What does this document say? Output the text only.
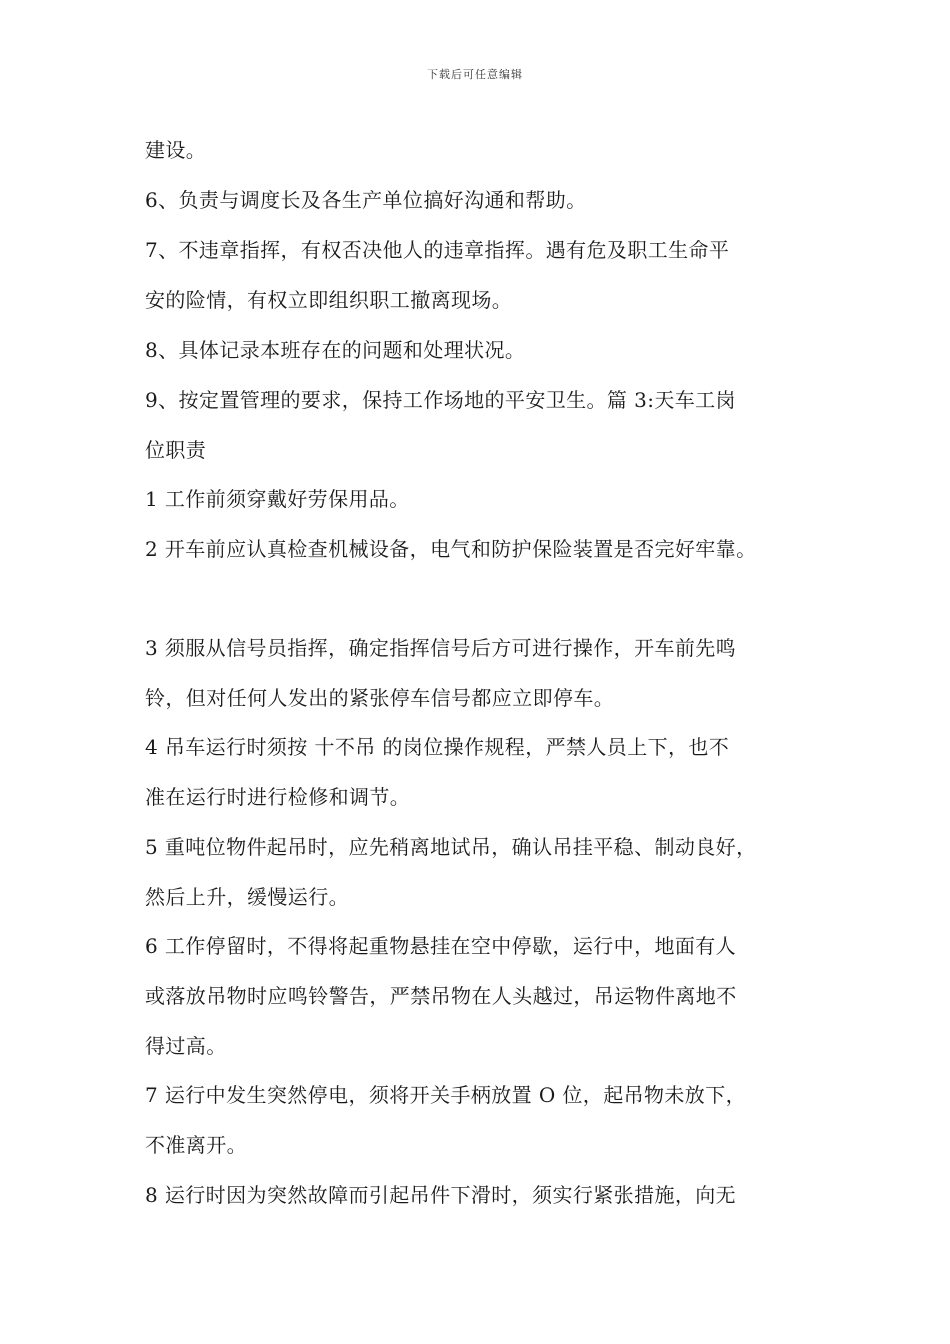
下载后可任意编辑
建设。
6、负责与调度长及各生产单位搞好沟通和帮助。
7、不违章指挥，有权否决他人的违章指挥。遇有危及职工生命平
安的险情，有权立即组织职工撤离现场。
8、具体记录本班存在的问题和处理状况。
9、按定置管理的要求，保持工作场地的平安卫生。篇 3:天车工岗
位职责
1 工作前须穿戴好劳保用品。
2 开车前应认真检查机械设备，电气和防护保险装置是否完好牢靠。
3 须服从信号员指挥，确定指挥信号后方可进行操作，开车前先鸣
铃，但对任何人发出的紧张停车信号都应立即停车。
4 吊车运行时须按 十不吊 的岗位操作规程，严禁人员上下，也不
准在运行时进行检修和调节。
5 重吨位物件起吊时，应先稍离地试吊，确认吊挂平稳、制动良好，
然后上升，缓慢运行。
6 工作停留时，不得将起重物悬挂在空中停歇，运行中，地面有人
或落放吊物时应鸣铃警告，严禁吊物在人头越过，吊运物件离地不
得过高。
7 运行中发生突然停电，须将开关手柄放置 O 位，起吊物未放下，
不准离开。
8 运行时因为突然故障而引起吊件下滑时，须实行紧张措施，向无
